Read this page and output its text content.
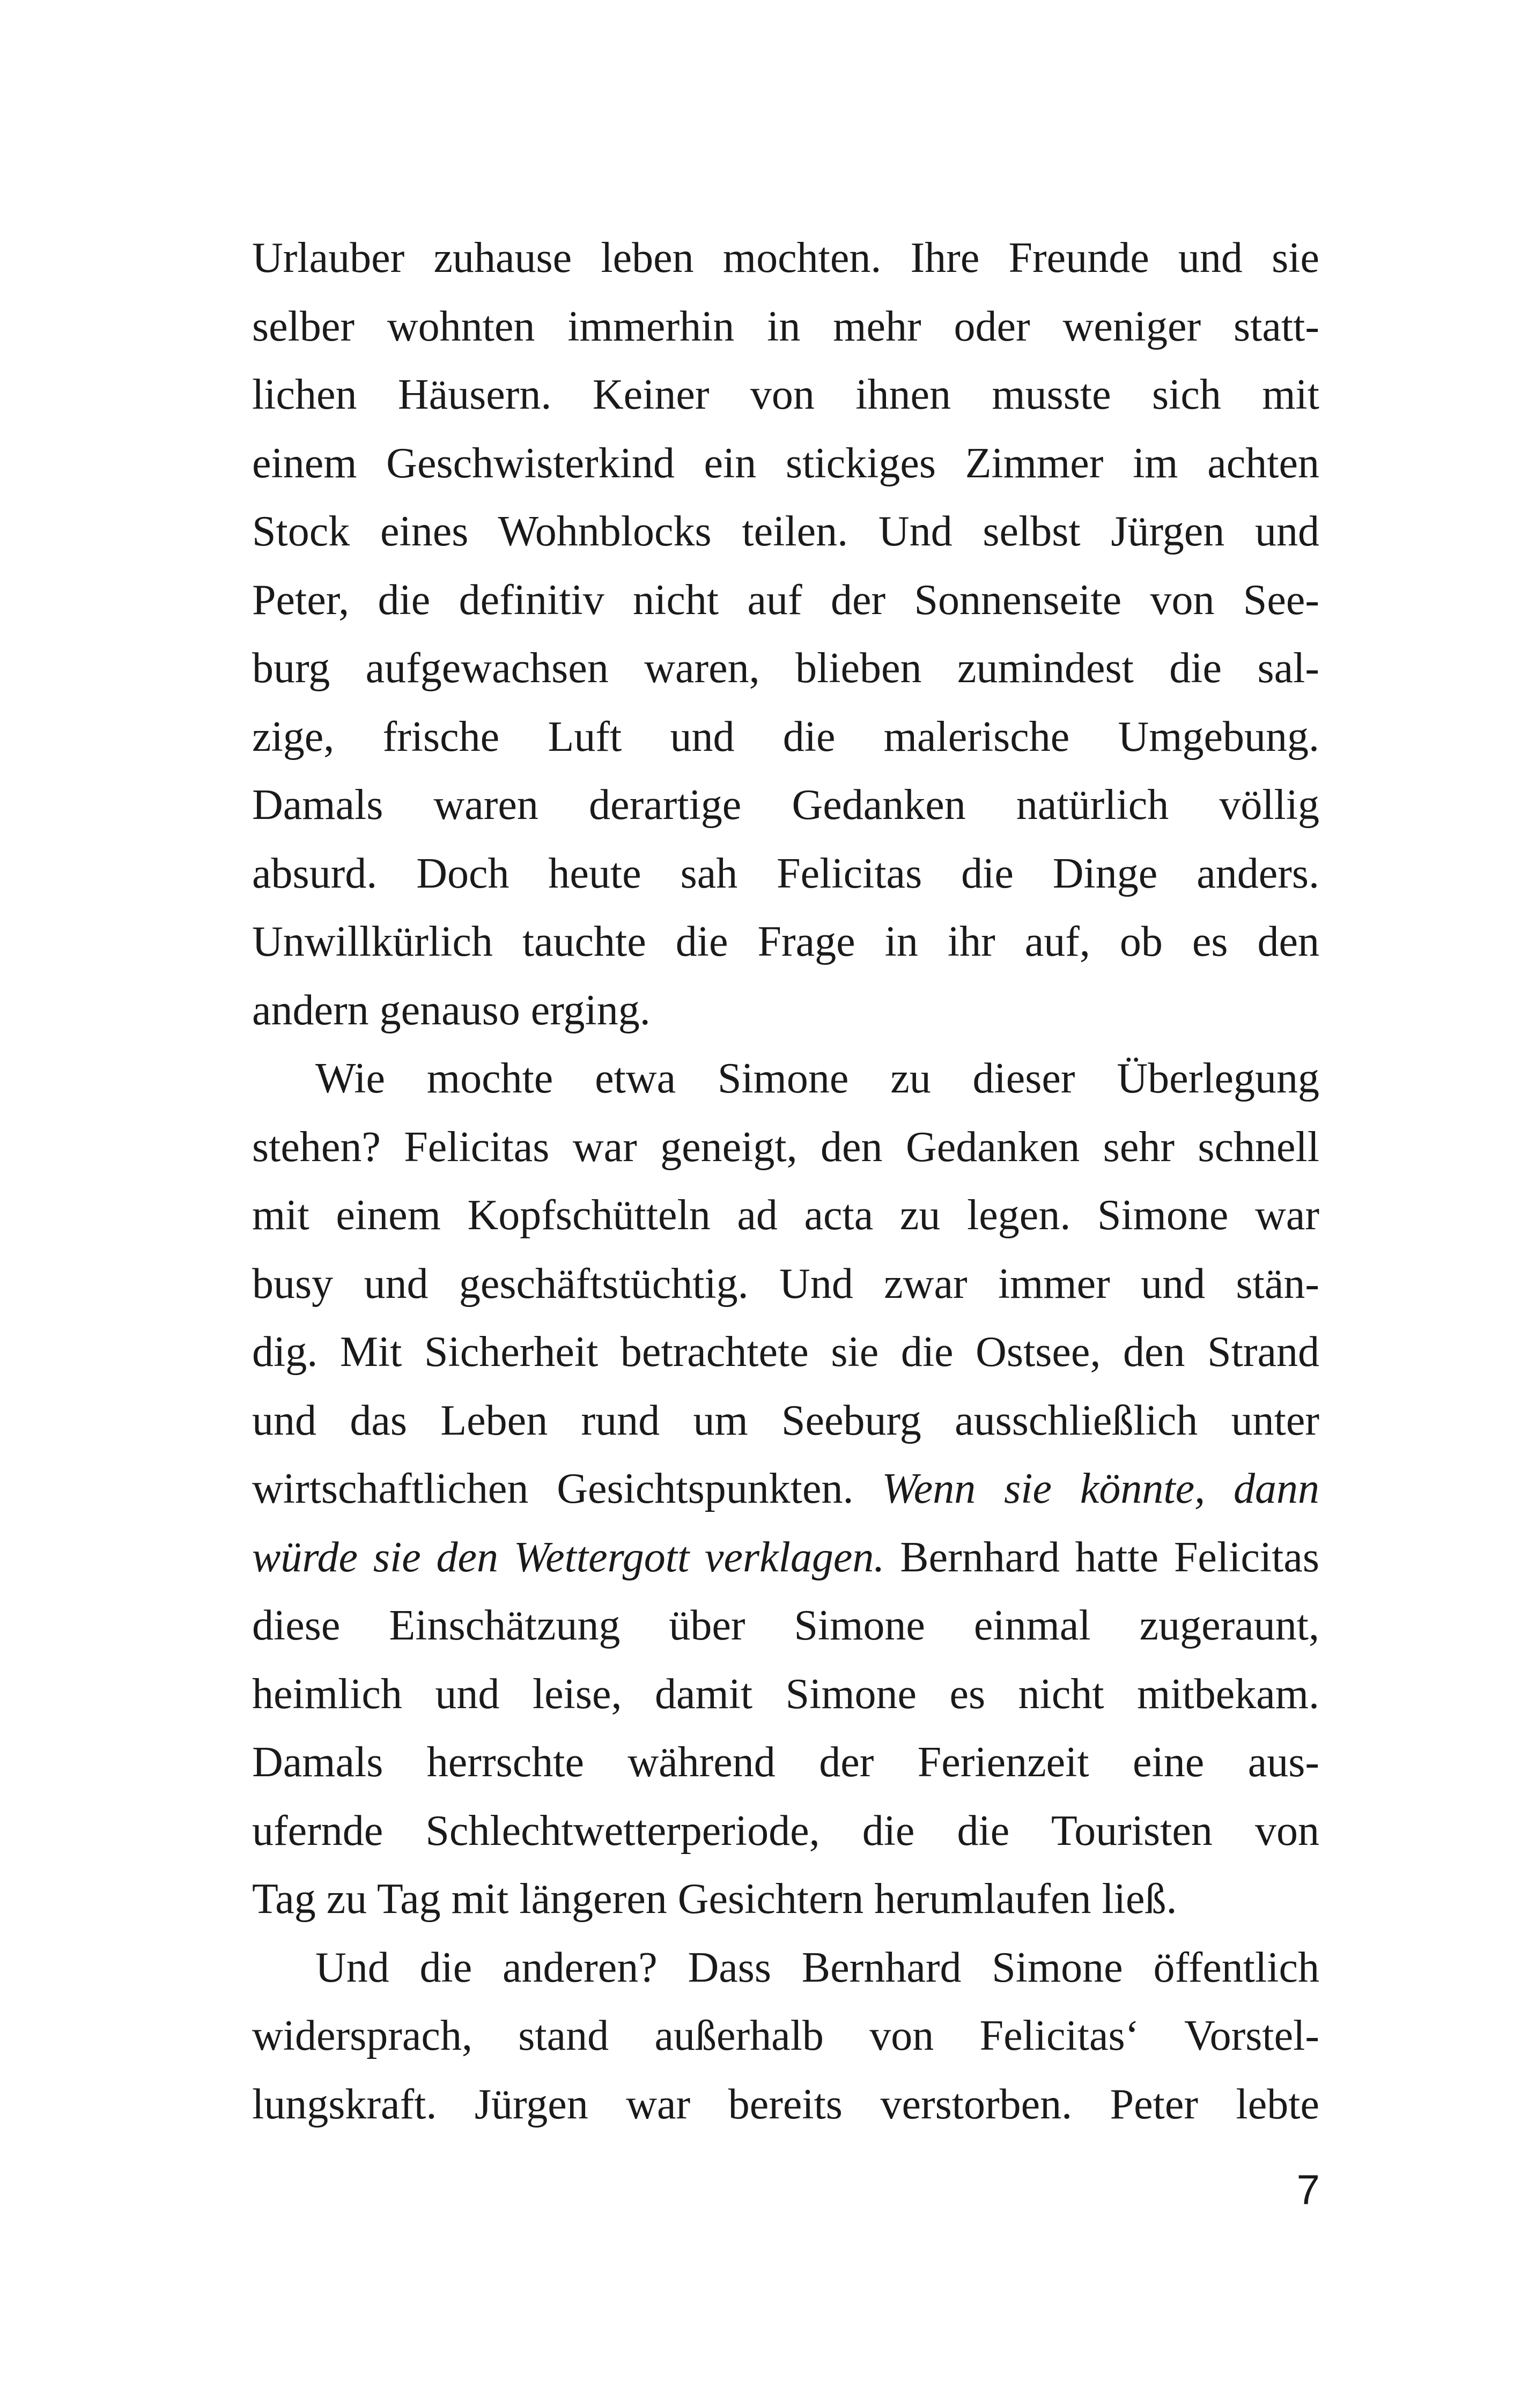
Urlauber zuhause leben mochten. Ihre Freunde und sie
selber wohnten immerhin in mehr oder weniger statt-
lichen Häusern. Keiner von ihnen musste sich mit
einem Geschwisterkind ein stickiges Zimmer im achten
Stock eines Wohnblocks teilen. Und selbst Jürgen und
Peter, die definitiv nicht auf der Sonnenseite von See-
burg aufgewachsen waren, blieben zumindest die sal-
zige, frische Luft und die malerische Umgebung.
Damals waren derartige Gedanken natürlich völlig
absurd. Doch heute sah Felicitas die Dinge anders.
Unwillkürlich tauchte die Frage in ihr auf, ob es den
andern genauso erging.
Wie mochte etwa Simone zu dieser Überlegung
stehen? Felicitas war geneigt, den Gedanken sehr schnell
mit einem Kopfschütteln ad acta zu legen. Simone war
busy und geschäftstüchtig. Und zwar immer und stän-
dig. Mit Sicherheit betrachtete sie die Ostsee, den Strand
und das Leben rund um Seeburg ausschließlich unter
wirtschaftlichen Gesichtspunkten. Wenn sie könnte, dann
würde sie den Wettergott verklagen. Bernhard hatte Felicitas
diese Einschätzung über Simone einmal zugeraunt,
heimlich und leise, damit Simone es nicht mitbekam.
Damals herrschte während der Ferienzeit eine aus-
ufernde Schlechtwetterperiode, die die Touristen von
Tag zu Tag mit längeren Gesichtern herumlaufen ließ.
Und die anderen? Dass Bernhard Simone öffentlich
widersprach, stand außerhalb von Felicitas‘ Vorstel-
lungskraft. Jürgen war bereits verstorben. Peter lebte
7
